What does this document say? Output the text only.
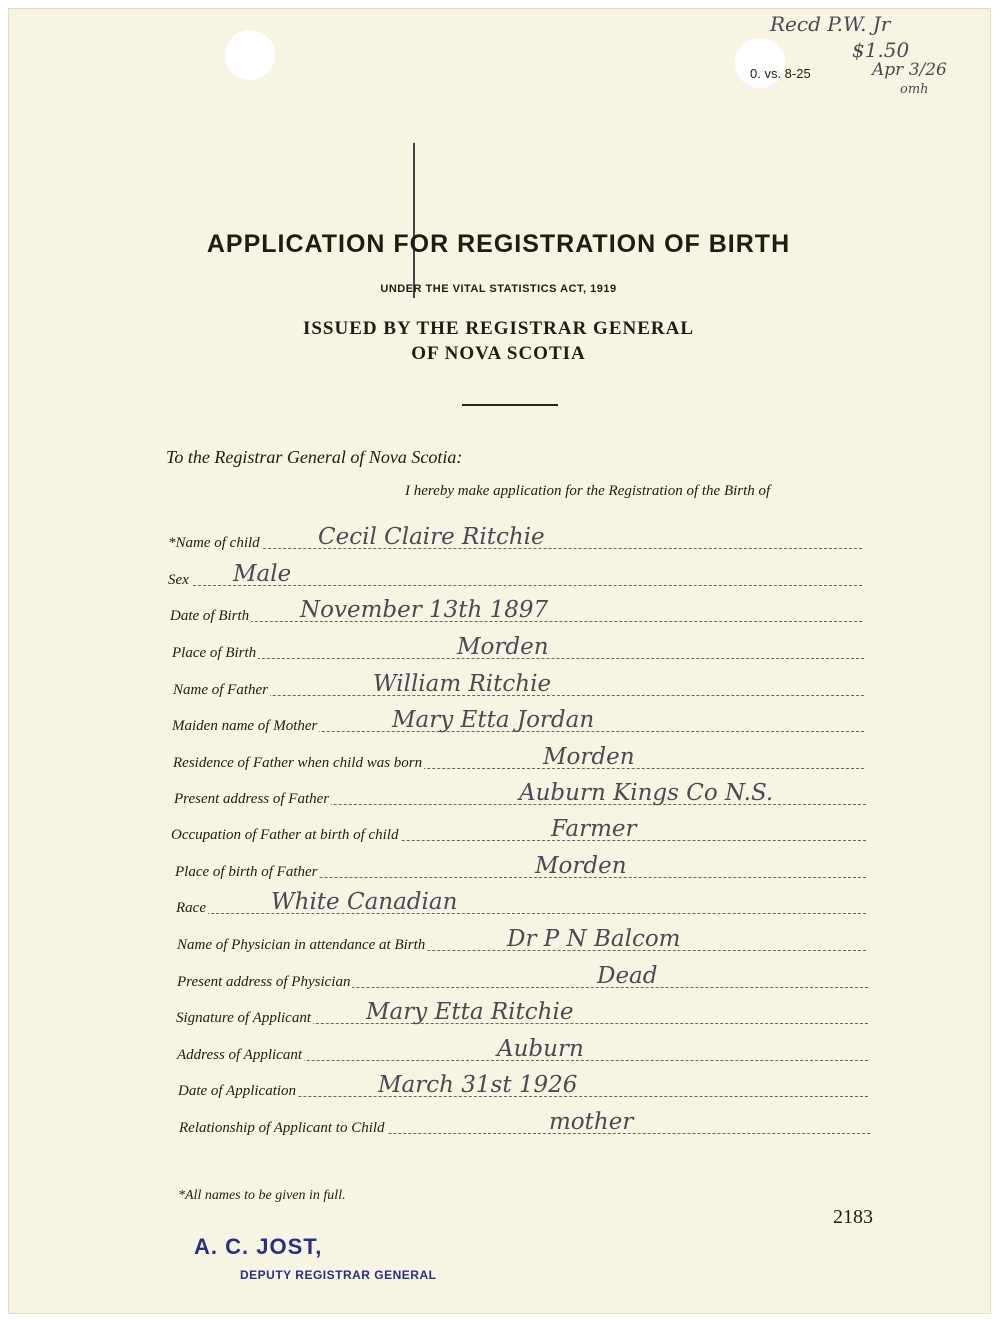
0. vs. 8-25
Recd P.W. Jr
$1.50
Apr 3/26
omh
APPLICATION FOR REGISTRATION OF BIRTH
UNDER THE VITAL STATISTICS ACT, 1919
ISSUED BY THE REGISTRAR GENERAL
OF NOVA SCOTIA
To the Registrar General of Nova Scotia:
I hereby make application for the Registration of the Birth of
*Name of child	Cecil Claire Ritchie
Sex Male
Date of Birth November 13th 1897
Place of Birth	Morden
Name of Father	William Ritchie
Maiden name of Mother	Mary Etta Jordan
Residence of Father when child was born	Morden
Present address of Father	Auburn Kings Co N.S.
Occupation of Father at birth of child	Farmer
Place of birth of Father	Morden
Race	White Canadian
Name of Physician in attendance at Birth	Dr P N Balcom
Present address of Physician	Dead
Signature of Applicant Mary Etta Ritchie
Address of Applicant	Auburn
Date of Application	March 31st 1926
Relationship of Applicant to Child	mother
*All names to be given in full.
2183
A. C. JOST,
DEPUTY REGISTRAR GENERAL
